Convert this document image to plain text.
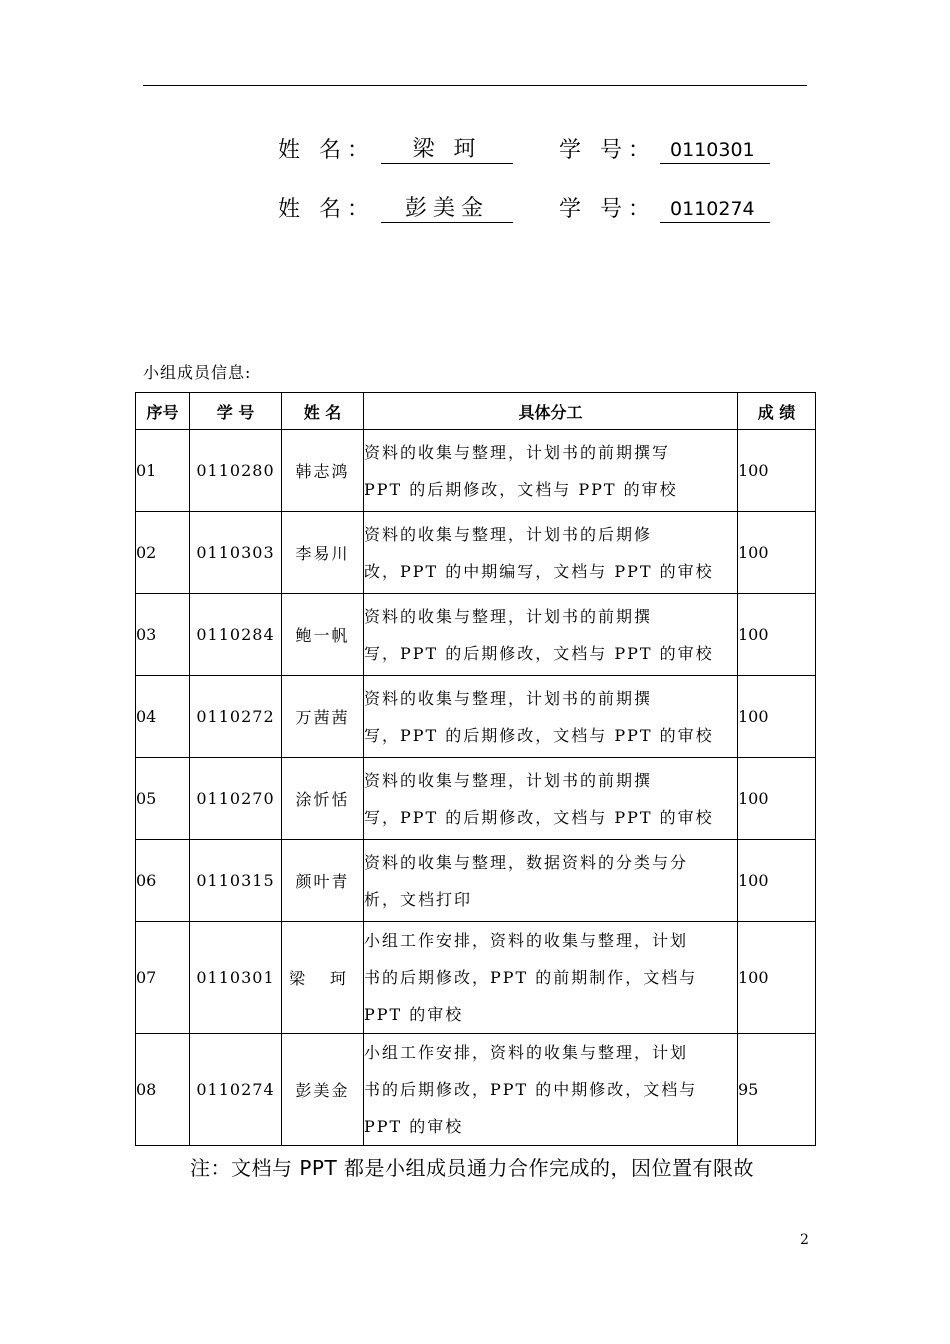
姓 名：	梁 珂	学 号： 0110301
姓 名：	彭美金	学 号： 0110274
小组成员信息:
序号	学 号	姓 名	具体分工	成 绩
01	0110280	韩志鸿	资料的收集与整理，计划书的前期撰写
PPT 的后期修改，文档与 PPT 的审校	100
02	0110303	李易川	资料的收集与整理，计划书的后期修
改，PPT 的中期编写，文档与 PPT 的审校	100
03	0110284	鲍一帆	资料的收集与整理，计划书的前期撰
写，PPT 的后期修改，文档与 PPT 的审校	100
04	0110272	万茜茜	资料的收集与整理，计划书的前期撰
写，PPT 的后期修改，文档与 PPT 的审校	100
05	0110270	涂忻恬	资料的收集与整理，计划书的前期撰
写，PPT 的后期修改，文档与 PPT 的审校	100
06	0110315	颜叶青	资料的收集与整理，数据资料的分类与分
析，文档打印	100
07	0110301	梁 珂	小组工作安排，资料的收集与整理，计划
书的后期修改，PPT 的前期制作，文档与
PPT 的审校	100
08	0110274	彭美金	小组工作安排，资料的收集与整理，计划
书的后期修改，PPT 的中期修改，文档与
PPT 的审校	95
注：文档与 PPT 都是小组成员通力合作完成的，因位置有限故
2
